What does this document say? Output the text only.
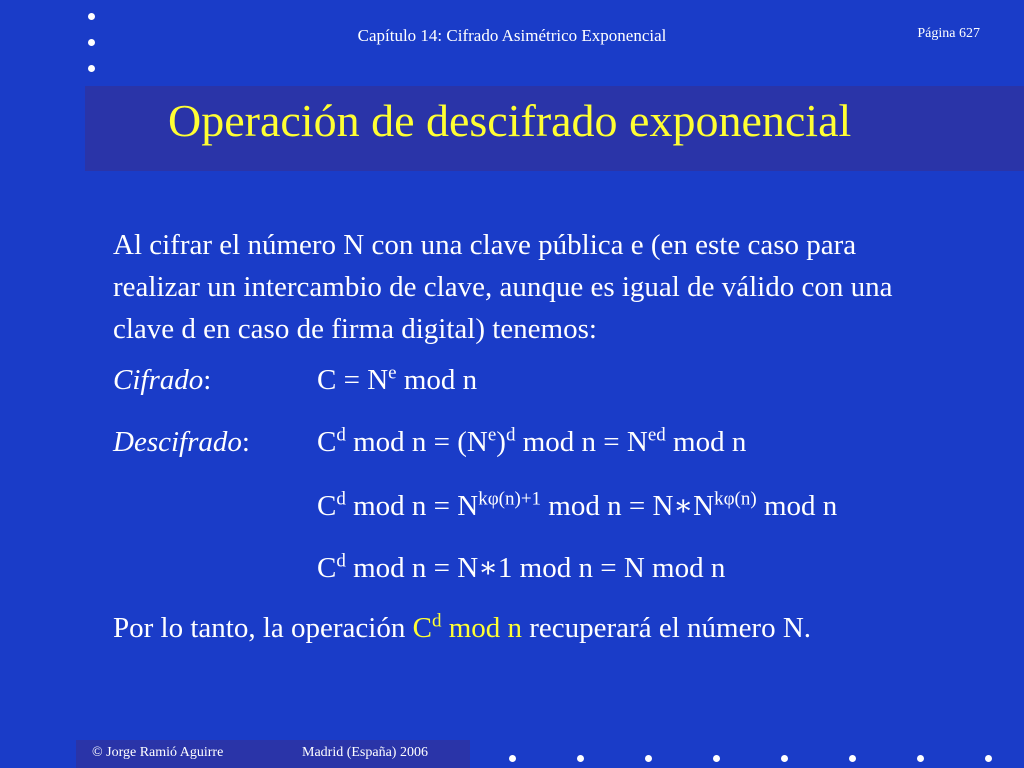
Capítulo 14: Cifrado Asimétrico Exponencial	Página 627
Operación de descifrado exponencial
Al cifrar el número N con una clave pública e (en este caso para realizar un intercambio de clave, aunque es igual de válido con una clave d en caso de firma digital) tenemos:
Cifrado:	$C = N^e$ mod n
Descifrado: $C^d$ mod $n = (N^e)^d$ mod $n = N^{ed}$ mod n
$C^d$ mod $n = N^{k\varphi(n)+1}$ mod $n = N∗N^{k\varphi(n)}$ mod n
$C^d$ mod n = N∗1 mod n = N mod n
Por lo tanto, la operación $C^d$ mod n recuperará el número N.
© Jorge Ramió Aguirre	Madrid (España) 2006
